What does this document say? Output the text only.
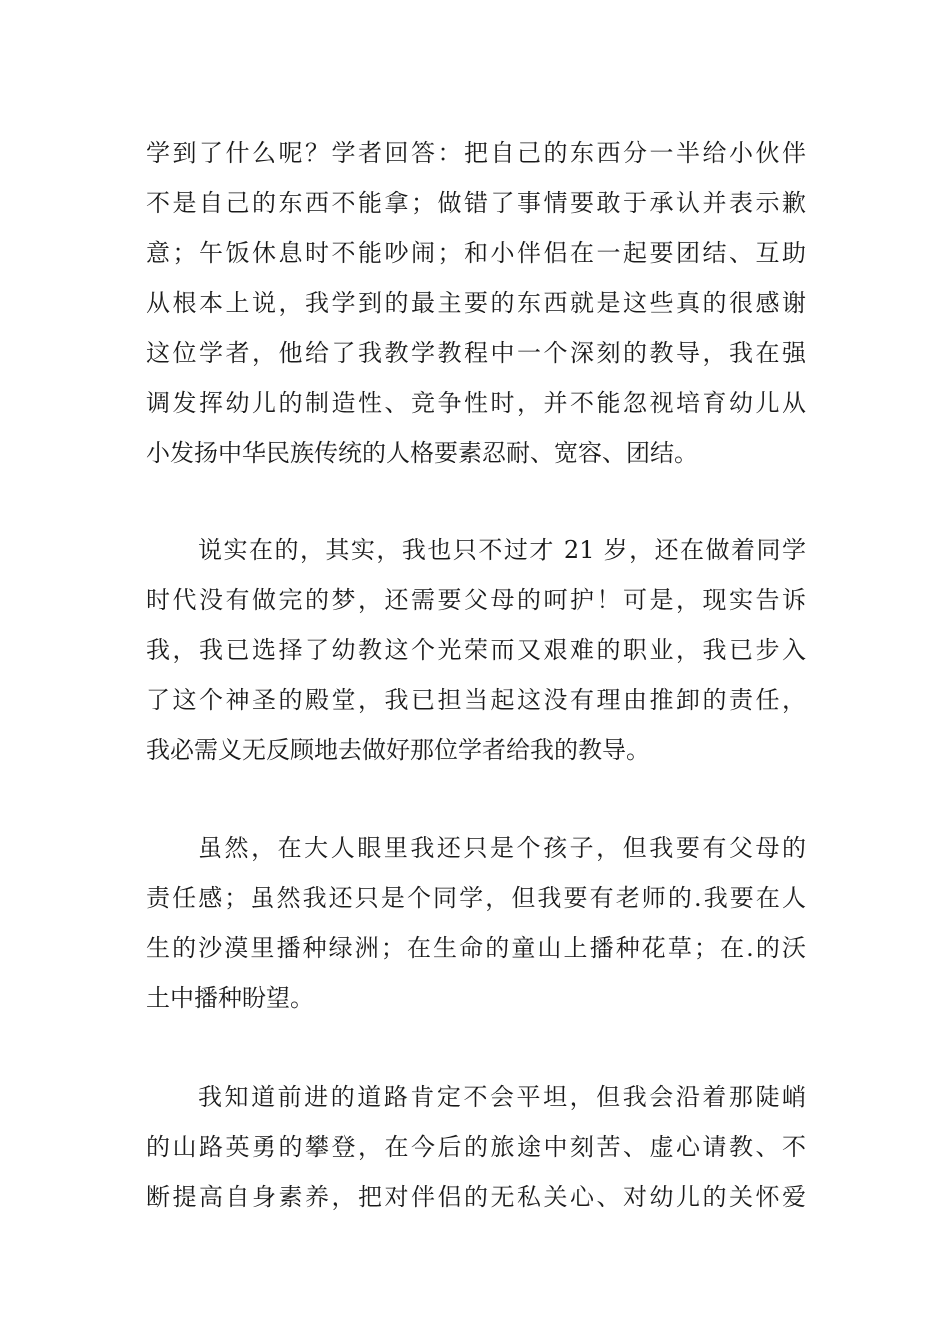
学到了什么呢？学者回答：把自己的东西分一半给小伙伴
不是自己的东西不能拿；做错了事情要敢于承认并表示歉
意；午饭休息时不能吵闹；和小伴侣在一起要团结、互助
从根本上说，我学到的最主要的东西就是这些真的很感谢
这位学者，他给了我教学教程中一个深刻的教导，我在强
调发挥幼儿的制造性、竞争性时，并不能忽视培育幼儿从
小发扬中华民族传统的人格要素忍耐、宽容、团结。
说实在的，其实，我也只不过才 21 岁，还在做着同学
时代没有做完的梦，还需要父母的呵护！可是，现实告诉
我，我已选择了幼教这个光荣而又艰难的职业，我已步入
了这个神圣的殿堂，我已担当起这没有理由推卸的责任，
我必需义无反顾地去做好那位学者给我的教导。
虽然，在大人眼里我还只是个孩子，但我要有父母的
责任感；虽然我还只是个同学，但我要有老师的.我要在人
生的沙漠里播种绿洲；在生命的童山上播种花草；在.的沃
土中播种盼望。
我知道前进的道路肯定不会平坦，但我会沿着那陡峭
的山路英勇的攀登，在今后的旅途中刻苦、虚心请教、不
断提高自身素养，把对伴侣的无私关心、对幼儿的关怀爱
